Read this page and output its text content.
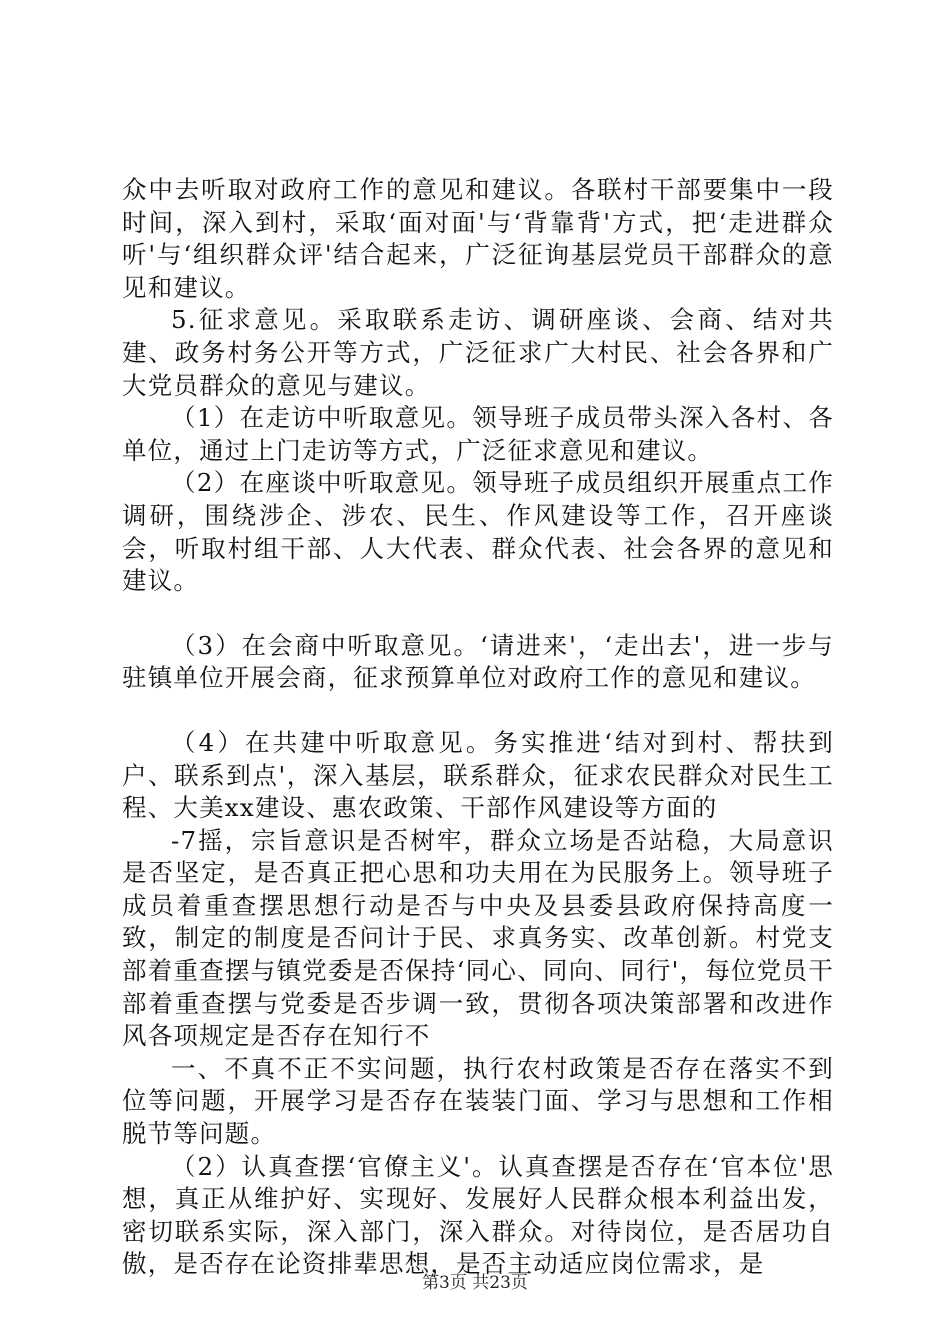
众中去听取对政府工作的意见和建议。各联村干部要集中一段时间，深入到村，采取‘面对面'与‘背靠背'方式，把‘走进群众听'与‘组织群众评'结合起来，广泛征询基层党员干部群众的意见和建议。

5.征求意见。采取联系走访、调研座谈、会商、结对共建、政务村务公开等方式，广泛征求广大村民、社会各界和广大党员群众的意见与建议。

（1）在走访中听取意见。领导班子成员带头深入各村、各单位，通过上门走访等方式，广泛征求意见和建议。

（2）在座谈中听取意见。领导班子成员组织开展重点工作调研，围绕涉企、涉农、民生、作风建设等工作，召开座谈会，听取村组干部、人大代表、群众代表、社会各界的意见和建议。

（3）在会商中听取意见。‘请进来'，‘走出去'，进一步与驻镇单位开展会商，征求预算单位对政府工作的意见和建议。

（4）在共建中听取意见。务实推进‘结对到村、帮扶到户、联系到点'，深入基层，联系群众，征求农民群众对民生工程、大美xx建设、惠农政策、干部作风建设等方面的

-7摇，宗旨意识是否树牢，群众立场是否站稳，大局意识是否坚定，是否真正把心思和功夫用在为民服务上。领导班子成员着重查摆思想行动是否与中央及县委县政府保持高度一致，制定的制度是否问计于民、求真务实、改革创新。村党支部着重查摆与镇党委是否保持‘同心、同向、同行'，每位党员干部着重查摆与党委是否步调一致，贯彻各项决策部署和改进作风各项规定是否存在知行不

一、不真不正不实问题，执行农村政策是否存在落实不到位等问题，开展学习是否存在装装门面、学习与思想和工作相脱节等问题。

（2）认真查摆‘官僚主义'。认真查摆是否存在‘官本位'思想，真正从维护好、实现好、发展好人民群众根本利益出发，密切联系实际，深入部门，深入群众。对待岗位，是否居功自傲，是否存在论资排辈思想，是否主动适应岗位需求，是

第3页 共23页
